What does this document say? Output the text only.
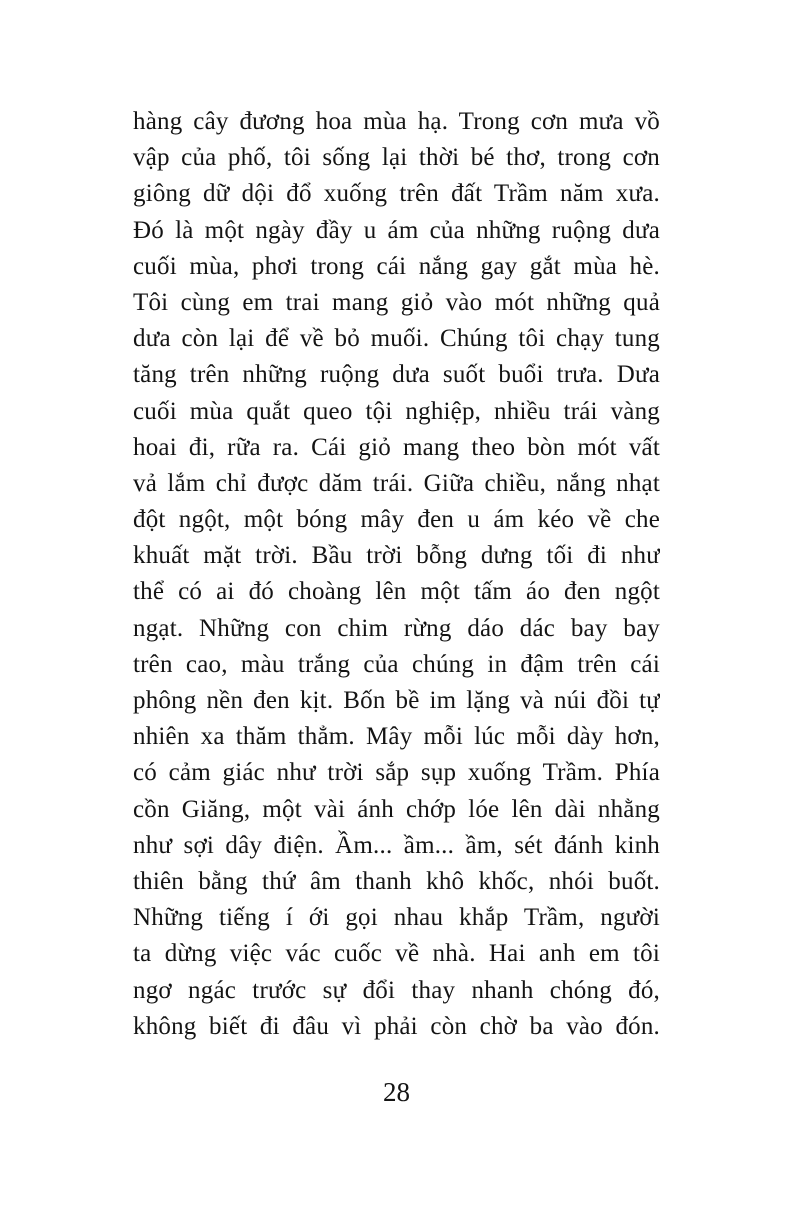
hàng cây đương hoa mùa hạ. Trong cơn mưa vồ
vập của phố, tôi sống lại thời bé thơ, trong cơn
giông dữ dội đổ xuống trên đất Trầm năm xưa.
Đó là một ngày đầy u ám của những ruộng dưa
cuối mùa, phơi trong cái nắng gay gắt mùa hè.
Tôi cùng em trai mang giỏ vào mót những quả
dưa còn lại để về bỏ muối. Chúng tôi chạy tung
tăng trên những ruộng dưa suốt buổi trưa. Dưa
cuối mùa quắt queo tội nghiệp, nhiều trái vàng
hoai đi, rữa ra. Cái giỏ mang theo bòn mót vất
vả lắm chỉ được dăm trái. Giữa chiều, nắng nhạt
đột ngột, một bóng mây đen u ám kéo về che
khuất mặt trời. Bầu trời bỗng dưng tối đi như
thể có ai đó choàng lên một tấm áo đen ngột
ngạt. Những con chim rừng dáo dác bay bay
trên cao, màu trắng của chúng in đậm trên cái
phông nền đen kịt. Bốn bề im lặng và núi đồi tự
nhiên xa thăm thẳm. Mây mỗi lúc mỗi dày hơn,
có cảm giác như trời sắp sụp xuống Trầm. Phía
cồn Giăng, một vài ánh chớp lóe lên dài nhằng
như sợi dây điện. Ầm... ầm... ầm, sét đánh kinh
thiên bằng thứ âm thanh khô khốc, nhói buốt.
Những tiếng í ới gọi nhau khắp Trầm, người
ta dừng việc vác cuốc về nhà. Hai anh em tôi
ngơ ngác trước sự đổi thay nhanh chóng đó,
không biết đi đâu vì phải còn chờ ba vào đón.
28
